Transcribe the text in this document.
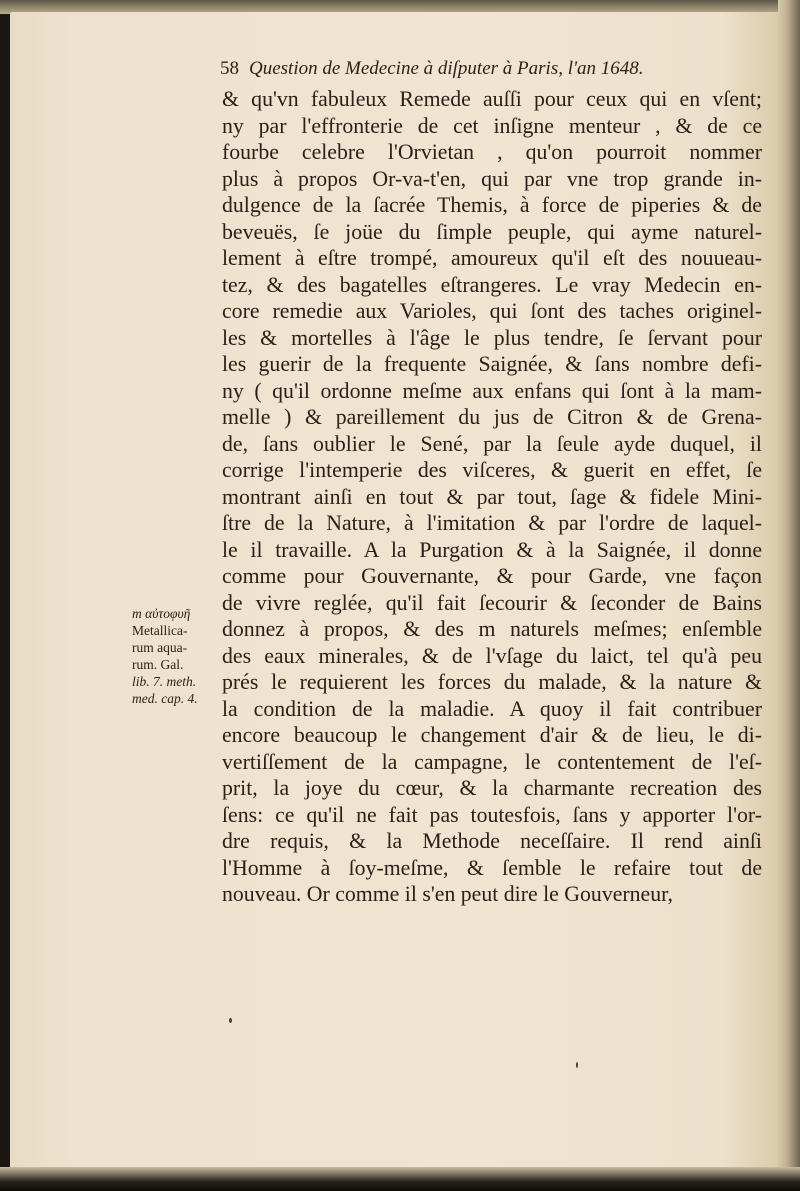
58 Question de Medecine à diſputer à Paris, l'an 1648.
& qu'vn fabuleux Remede auſſi pour ceux qui en vſent;
ny par l'effronterie de cet inſigne menteur , & de ce
fourbe celebre l'Orvietan , qu'on pourroit nommer
plus à propos Or-va-t'en, qui par vne trop grande in-
dulgence de la ſacrée Themis, à force de piperies & de
beveuës, ſe joüe du ſimple peuple, qui ayme naturel-
lement à eſtre trompé, amoureux qu'il eſt des nouueau-
tez, & des bagatelles eſtrangeres. Le vray Medecin en-
core remedie aux Varioles, qui ſont des taches originel-
les & mortelles à l'âge le plus tendre, ſe ſervant pour
les guerir de la frequente Saignée, & ſans nombre defi-
ny ( qu'il ordonne meſme aux enfans qui ſont à la mam-
melle ) & pareillement du jus de Citron & de Grena-
de, ſans oublier le Sené, par la ſeule ayde duquel, il
corrige l'intemperie des viſceres, & guerit en effet, ſe
montrant ainſi en tout & par tout, ſage & fidele Mini-
ſtre de la Nature, à l'imitation & par l'ordre de laquel-
le il travaille. A la Purgation & à la Saignée, il donne
comme pour Gouvernante, & pour Garde, vne façon
de vivre reglée, qu'il fait ſecourir & ſeconder de Bains
donnez à propos, & des m naturels meſmes; enſemble
des eaux minerales, & de l'vſage du laict, tel qu'à peu
prés le requierent les forces du malade, & la nature &
la condition de la maladie. A quoy il fait contribuer
encore beaucoup le changement d'air & de lieu, le di-
vertiſſement de la campagne, le contentement de l'eſ-
prit, la joye du cœur, & la charmante recreation des
ſens: ce qu'il ne fait pas toutesfois, ſans y apporter l'or-
dre requis, & la Methode neceſſaire. Il rend ainſi
l'Homme à ſoy-meſme, & ſemble le refaire tout de
nouveau. Or comme il s'en peut dire le Gouverneur,
m αὐτοφυῆ
Metallica-
rum aqua-
rum. Gal.
lib. 7. meth.
med. cap. 4.
